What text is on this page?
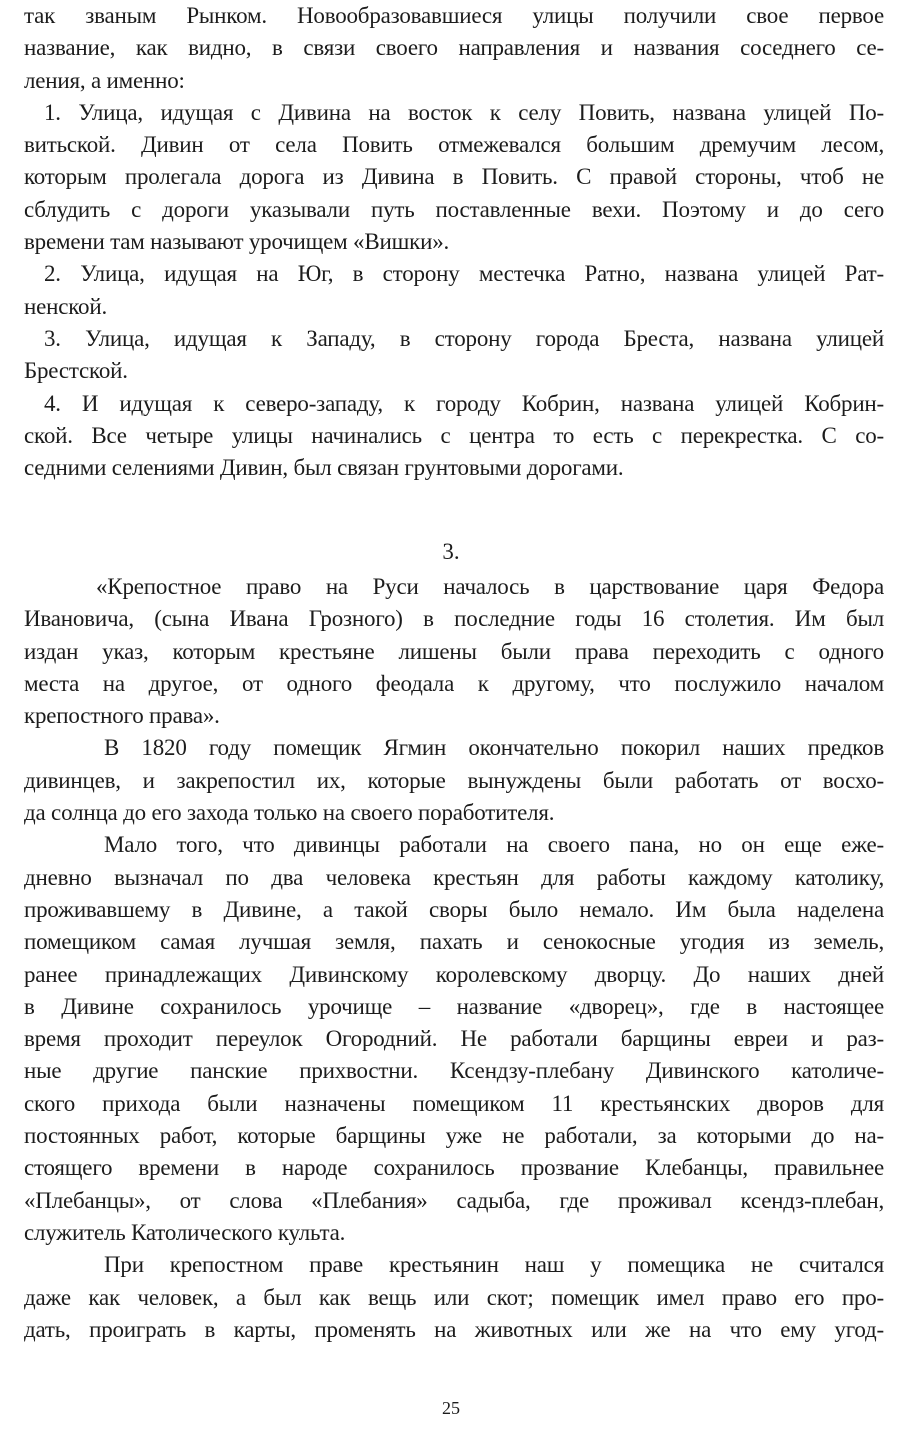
так званым Рынком. Новообразовавшиеся улицы получили свое первое
название, как видно, в связи своего направления и названия соседнего се-
ления, а именно:
1. Улица, идущая с Дивина на восток к селу Повить, названа улицей По-
витьской. Дивин от села Повить отмежевался большим дремучим лесом,
которым пролегала дорога из Дивина в Повить. С правой стороны, чтоб не
сблудить с дороги указывали путь поставленные вехи. Поэтому и до сего
времени там называют урочищем «Вишки».
2. Улица, идущая на Юг, в сторону местечка Ратно, названа улицей Рат-
ненской.
3. Улица, идущая к Западу, в сторону города Бреста, названа улицей
Брестской.
4. И идущая к северо-западу, к городу Кобрин, названа улицей Кобрин-
ской. Все четыре улицы начинались с центра то есть с перекрестка. С со-
седними селениями Дивин, был связан грунтовыми дорогами.
3.
«Крепостное право на Руси началось в царствование царя Федора
Ивановича, (сына Ивана Грозного) в последние годы 16 столетия. Им был
издан указ, которым крестьяне лишены были права переходить с одного
места на другое, от одного феодала к другому, что послужило началом
крепостного права».
В 1820 году помещик Ягмин окончательно покорил наших предков
дивинцев, и закрепостил их, которые вынуждены были работать от восхо-
да солнца до его захода только на своего поработителя.
Мало того, что дивинцы работали на своего пана, но он еще еже-
дневно вызначал по два человека крестьян для работы каждому католику,
проживавшему в Дивине, а такой своры было немало. Им была наделена
помещиком самая лучшая земля, пахать и сенокосные угодия из земель,
ранее принадлежащих Дивинскому королевскому дворцу. До наших дней
в Дивине сохранилось урочище – название «дворец», где в настоящее
время проходит переулок Огородний. Не работали барщины евреи и раз-
ные другие панские прихвостни. Ксендзу-плебану Дивинского католиче-
ского прихода были назначены помещиком 11 крестьянских дворов для
постоянных работ, которые барщины уже не работали, за которыми до на-
стоящего времени в народе сохранилось прозвание Клебанцы, правильнее
«Плебанцы», от слова «Плебания» садыба, где проживал ксендз-плебан,
служитель Католического культа.
При крепостном праве крестьянин наш у помещика не считался
даже как человек, а был как вещь или скот; помещик имел право его про-
дать, проиграть в карты, променять на животных или же на что ему угод-
25
